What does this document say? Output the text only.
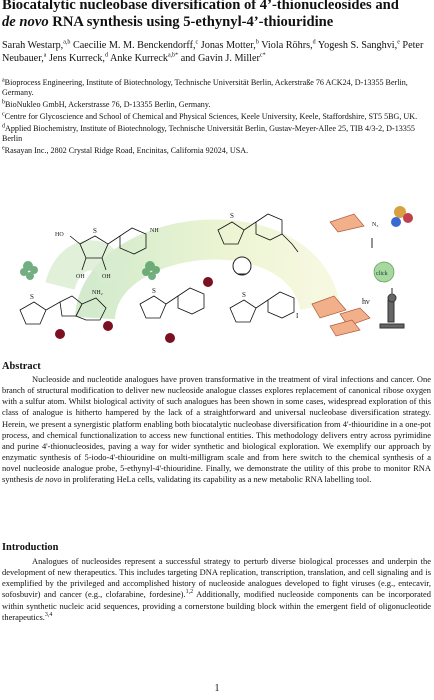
Biocatalytic nucleobase diversification of 4’-thionucleosides and
de novo RNA synthesis using 5-ethynyl-4’-thiouridine
Sarah Westarp,$^{a,b}$ Caecilie M. M. Benckendorff,$^c$ Jonas Motter,$^b$ Viola Röhrs,$^d$ Yogesh S. Sanghvi,$^e$ Peter Neubauer,$^a$ Jens Kurreck,$^d$ Anke Kurreck$^{a,b*}$ and Gavin J. Miller$^{c*}$

$^a$Bioprocess Engineering, Institute of Biotechnology, Technische Universität Berlin, Ackerstraße 76 ACK24, D-13355 Berlin, Germany.

$^b$BioNukleo GmbH, Ackerstrasse 76, D-13355 Berlin, Germany.

$^c$Centre for Glycoscience and School of Chemical and Physical Sciences, Keele University, Keele, Staffordshire, ST5 5BG, UK.

$^d$Applied Biochemistry, Institute of Biotechnology, Technische Universität Berlin, Gustav-Meyer-Allee 25, TIB 4/3-2, D-13355 Berlin

$^e$Rasayan Inc., 2802 Crystal Ridge Road, Encinitas, California 92024, USA.

S
HO
OH	OH
NH
S	NH₂	S	S
I
S
click
N₃
hν
Abstract

Nucleoside and nucleotide analogues have proven transformative in the treatment of viral infections and cancer. One branch of structural modification to deliver new nucleoside analogue classes explores replacement of canonical ribose oxygen with a sulfur atom. Whilst biological activity of such analogues has been shown in some cases, widespread exploration of this class of analogue is hitherto hampered by the lack of a straightforward and universal nucleobase diversification strategy. Herein, we present a synergistic platform enabling both biocatalytic nucleobase diversification from 4'-thiouridine in a one-pot process, and chemical functionalization to access new functional entities. This methodology delivers entry across pyrimidine and purine 4'-thionucleosides, paving a way for wider synthetic and biological exploration. We exemplify our approach by enzymatic synthesis of 5-iodo-4'-thiouridine on multi-milligram scale and from here switch to the chemical synthesis of a novel nucleoside analogue probe, 5-ethynyl-4'-thiouridine. Finally, we demonstrate the utility of this probe to monitor RNA synthesis de novo in proliferating HeLa cells, validating its capability as a new metabolic RNA labelling tool.

Introduction

Analogues of nucleosides represent a successful strategy to perturb diverse biological processes and underpin the development of new therapeutics. This includes targeting DNA replication, transcription, translation, and cell signaling and is exemplified by the privileged and accomplished history of nucleoside analogues developed to fight viruses (e.g., entecavir, sofosbuvir) and cancer (e.g., clofarabine, fordesine).$^{1,2}$ Additionally, modified nucleoside components can be incorporated within synthetic nucleic acid sequences, providing a cornerstone building block within the emergent field of oligonucleotide therapeutics.$^{3,4}$

1
